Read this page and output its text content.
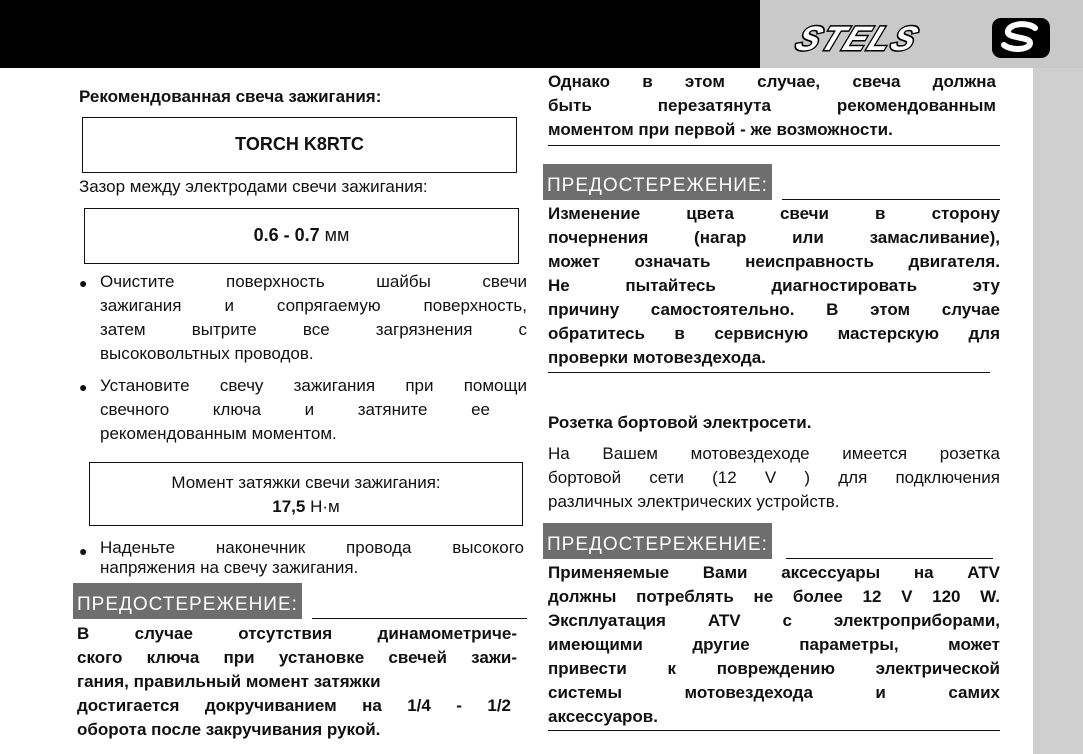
STELS
Рекомендованная свеча зажигания:
TORCH K8RTC
Зазор между электродами свечи зажигания:
0.6 - 0.7 мм
● Очистите поверхность шайбы свечи
зажигания и сопрягаемую поверхность,
затем вытрите все загрязнения с
высоковольтных проводов.
● Установите свечу зажигания при помощи
свечного ключа и затяните ее
рекомендованным моментом.
Момент затяжки свечи зажигания:
17,5 Н·м
● Наденьте наконечник провода высокого
напряжения на свечу зажигания.
ПРЕДОСТЕРЕЖЕНИЕ:
В случае отсутствия динамометриче-
ского ключа при установке свечей зажи-
гания, правильный момент затяжки
достигается докручиванием на 1/4 - 1/2
оборота после закручивания рукой.
Однако в этом случае, свеча должна
быть перезатянута рекомендованным
моментом при первой - же возможности.
ПРЕДОСТЕРЕЖЕНИЕ:
Изменение цвета свечи в сторону
почернения (нагар или замасливание),
может означать неисправность двигателя.
Не пытайтесь диагностировать эту
причину самостоятельно. В этом случае
обратитесь в сервисную мастерскую для
проверки мотовездехода.
Розетка бортовой электросети.
На Вашем мотовездеходе имеется розетка
бортовой сети (12 V ) для подключения
различных электрических устройств.
ПРЕДОСТЕРЕЖЕНИЕ:
Применяемые Вами аксессуары на ATV
должны потреблять не более 12 V 120 W.
Эксплуатация ATV с электроприборами,
имеющими другие параметры, может
привести к повреждению электрической
системы мотовездехода и самих
аксессуаров.
